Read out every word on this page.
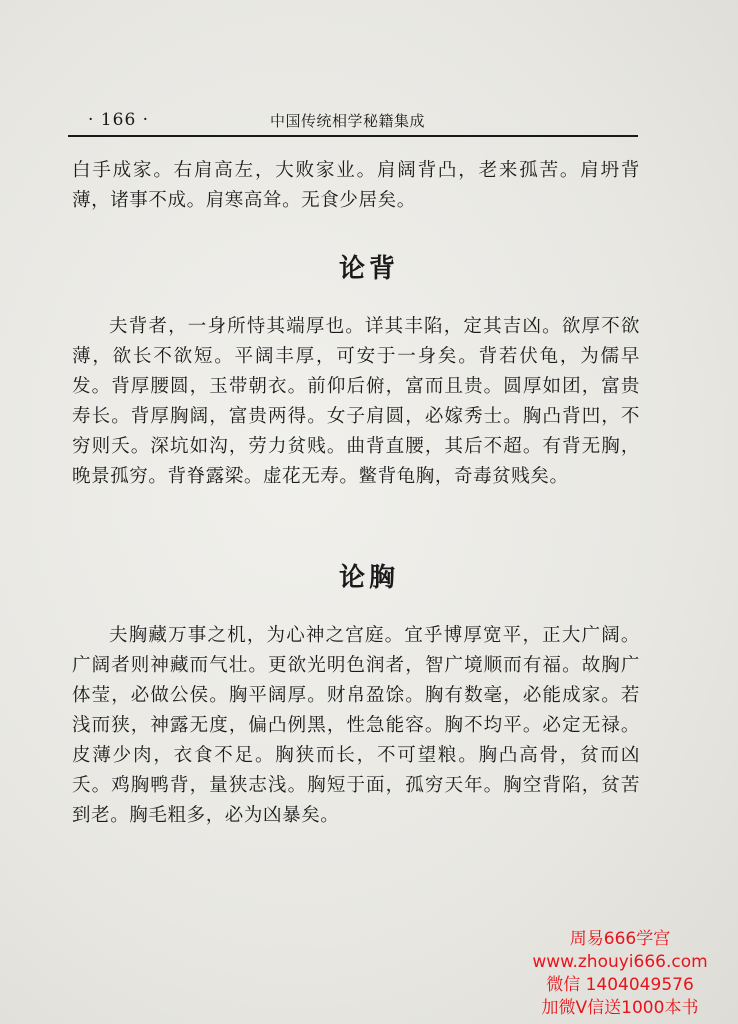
· 166 ·	中国传统相学秘籍集成

白手成家。右肩高左，大败家业。肩阔背凸，老来孤苦。肩坍背薄，诸事不成。肩寒高耸。无食少居矣。

论背

夫背者，一身所恃其端厚也。详其丰陷，定其吉凶。欲厚不欲薄，欲长不欲短。平阔丰厚，可安于一身矣。背若伏龟，为儒早发。背厚腰圆，玉带朝衣。前仰后俯，富而且贵。圆厚如团，富贵寿长。背厚胸阔，富贵两得。女子肩圆，必嫁秀士。胸凸背凹，不穷则夭。深坑如沟，劳力贫贱。曲背直腰，其后不超。有背无胸，晚景孤穷。背脊露梁。虚花无寿。鳖背龟胸，奇毒贫贱矣。

论胸

夫胸藏万事之机，为心神之宫庭。宜乎博厚宽平，正大广阔。广阔者则神藏而气壮。更欲光明色润者，智广境顺而有福。故胸广体莹，必做公侯。胸平阔厚。财帛盈馀。胸有数毫，必能成家。若浅而狭，神露无度，偏凸例黑，性急能容。胸不均平。必定无禄。皮薄少肉，衣食不足。胸狭而长，不可望粮。胸凸高骨，贫而凶夭。鸡胸鸭背，量狭志浅。胸短于面，孤穷天年。胸空背陷，贫苦到老。胸毛粗多，必为凶暴矣。

周易666学宫
www.zhouyi666.com
微信 1404049576
加微V信送1000本书
